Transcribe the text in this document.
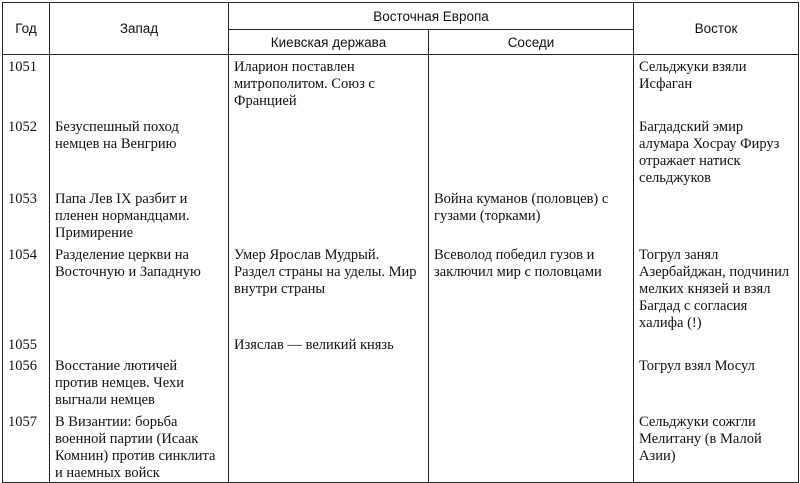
Год	Запад	Восточная Европа		Восток
		Киевская держава	Соседи	
1051		Иларион поставлен митрополитом. Союз с Францией		Сельджуки взяли Исфаган
1052	Безуспешный поход немцев на Венгрию			Багдадский эмир алумара Хосрау Фируз отражает натиск сельджуков
1053	Папа Лев IX разбит и пленен нормандцами. Примирение		Война куманов (половцев) с гузами (торками)	
1054	Разделение церкви на Восточную и Западную	Умер Ярослав Мудрый. Раздел страны на уделы. Мир внутри страны	Всеволод победил гузов и заключил мир с половцами	Тогрул занял Азербайджан, подчинил мелких князей и взял Багдад с согласия халифа (!)
1055		Изяслав — великий князь		
1056	Восстание лютичей против немцев. Чехи выгнали немцев			Тогрул взял Мосул
1057	В Византии: борьба военной партии (Исаак Комнин) против синклита и наемных войск			Сельджуки сожгли Мелитану (в Малой Азии)
